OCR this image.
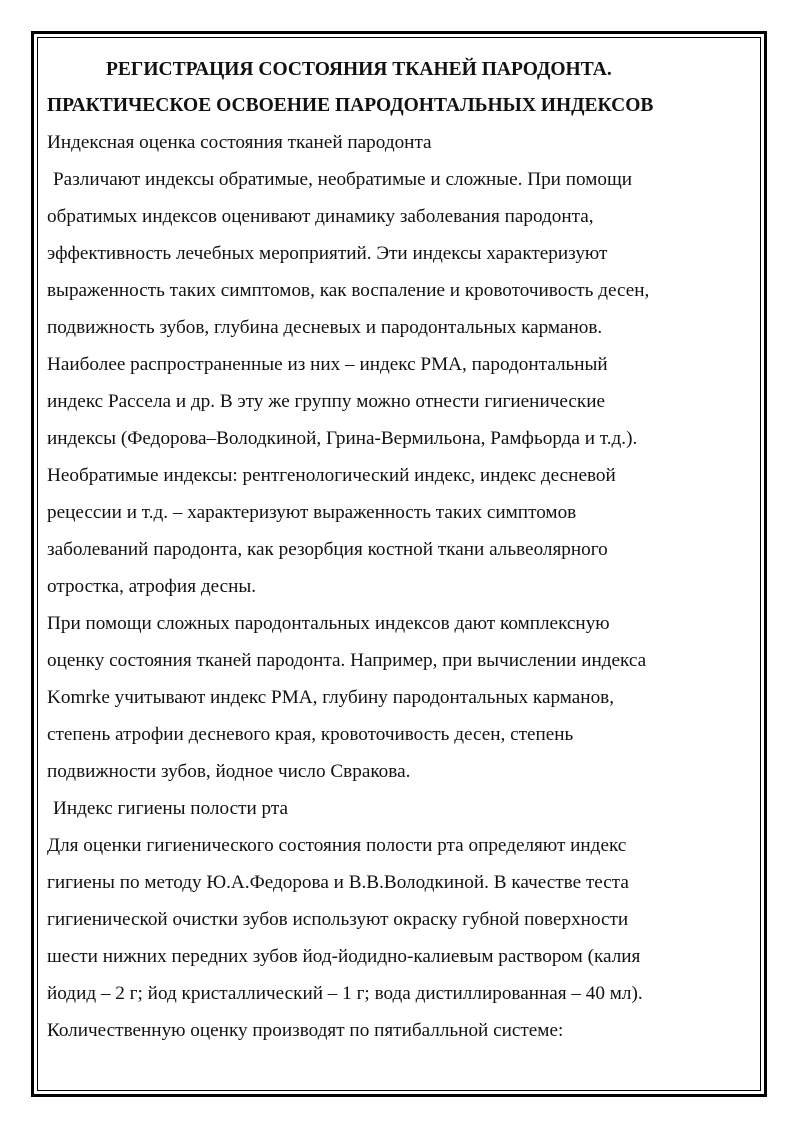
РЕГИСТРАЦИЯ СОСТОЯНИЯ ТКАНЕЙ ПАРОДОНТА.

ПРАКТИЧЕСКОЕ ОСВОЕНИЕ ПАРОДОНТАЛЬНЫХ ИНДЕКСОВ

Индексная оценка состояния тканей пародонта

Различают индексы обратимые, необратимые и сложные. При помощи

обратимых индексов оценивают динамику заболевания пародонта,

эффективность лечебных мероприятий. Эти индексы характеризуют

выраженность таких симптомов, как воспаление и кровоточивость десен,

подвижность зубов, глубина десневых и пародонтальных карманов.

Наиболее распространенные из них – индекс РМА, пародонтальный

индекс Рассела и др. В эту же группу можно отнести гигиенические

индексы (Федорова–Володкиной, Грина-Вермильона, Рамфьорда и т.д.).

Необратимые индексы: рентгенологический индекс, индекс десневой

рецессии и т.д. – характеризуют выраженность таких симптомов

заболеваний пародонта, как резорбция костной ткани альвеолярного

отростка, атрофия десны.

При помощи сложных пародонтальных индексов дают комплексную

оценку состояния тканей пародонта. Например, при вычислении индекса

Komrke учитывают индекс РМА, глубину пародонтальных карманов,

степень атрофии десневого края, кровоточивость десен, степень

подвижности зубов, йодное число Свракова.

Индекс гигиены полости рта

Для оценки гигиенического состояния полости рта определяют индекс

гигиены по методу Ю.А.Федорова и В.В.Володкиной. В качестве теста

гигиенической очистки зубов используют окраску губной поверхности

шести нижних передних зубов йод-йодидно-калиевым раствором (калия

йодид – 2 г; йод кристаллический – 1 г; вода дистиллированная – 40 мл).

Количественную оценку производят по пятибалльной системе:
